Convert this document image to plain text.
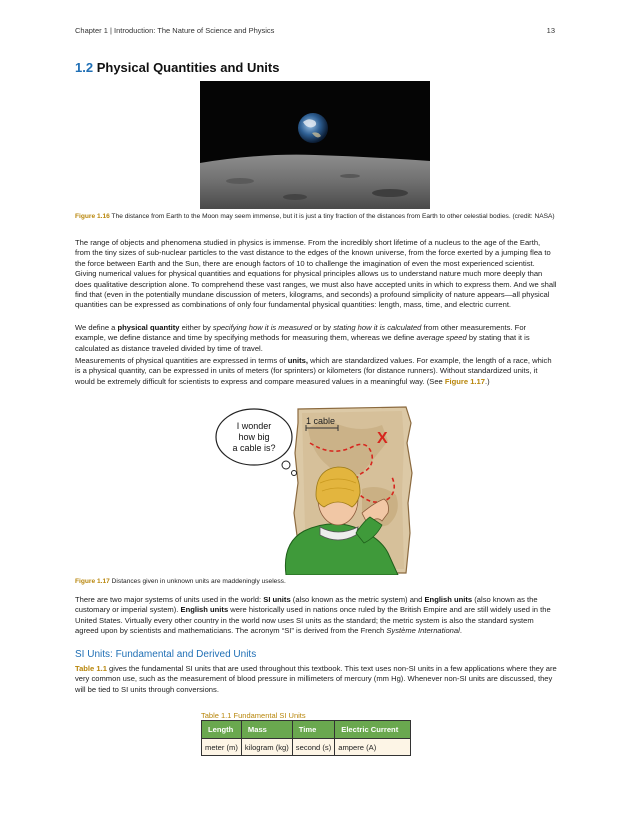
Chapter 1 | Introduction: The Nature of Science and Physics	13
1.2 Physical Quantities and Units
Figure 1.16 The distance from Earth to the Moon may seem immense, but it is just a tiny fraction of the distances from Earth to other celestial bodies. (credit: NASA)

The range of objects and phenomena studied in physics is immense. From the incredibly short lifetime of a nucleus to the age of the Earth, from the tiny sizes of sub-nuclear particles to the vast distance to the edges of the known universe, from the force exerted by a jumping flea to the force between Earth and the Sun, there are enough factors of 10 to challenge the imagination of even the most experienced scientist. Giving numerical values for physical quantities and equations for physical principles allows us to understand nature much more deeply than does qualitative description alone. To comprehend these vast ranges, we must also have accepted units in which to express them. And we shall find that (even in the potentially mundane discussion of meters, kilograms, and seconds) a profound simplicity of nature appears—all physical quantities can be expressed as combinations of only four fundamental physical quantities: length, mass, time, and electric current.

We define a physical quantity either by specifying how it is measured or by stating how it is calculated from other measurements. For example, we define distance and time by specifying methods for measuring them, whereas we define average speed by stating that it is calculated as distance traveled divided by time of travel.

Measurements of physical quantities are expressed in terms of units, which are standardized values. For example, the length of a race, which is a physical quantity, can be expressed in units of meters (for sprinters) or kilometers (for distance runners). Without standardized units, it would be extremely difficult for scientists to express and compare measured values in a meaningful way. (See Figure 1.17.)

1 cable
X
I wonder
how big
a cable is?
Figure 1.17 Distances given in unknown units are maddeningly useless.

There are two major systems of units used in the world: SI units (also known as the metric system) and English units (also known as the customary or imperial system). English units were historically used in nations once ruled by the British Empire and are still widely used in the United States. Virtually every other country in the world now uses SI units as the standard; the metric system is also the standard system agreed upon by scientists and mathematicians. The acronym “SI” is derived from the French Système International.

SI Units: Fundamental and Derived Units

Table 1.1 gives the fundamental SI units that are used throughout this textbook. This text uses non-SI units in a few applications where they are very common use, such as the measurement of blood pressure in millimeters of mercury (mm Hg). Whenever non-SI units are discussed, they will be tied to SI units through conversions.

Table 1.1 Fundamental SI Units
Length	Mass	Time	Electric Current
meter (m)	kilogram (kg)	second (s)	ampere (A)
